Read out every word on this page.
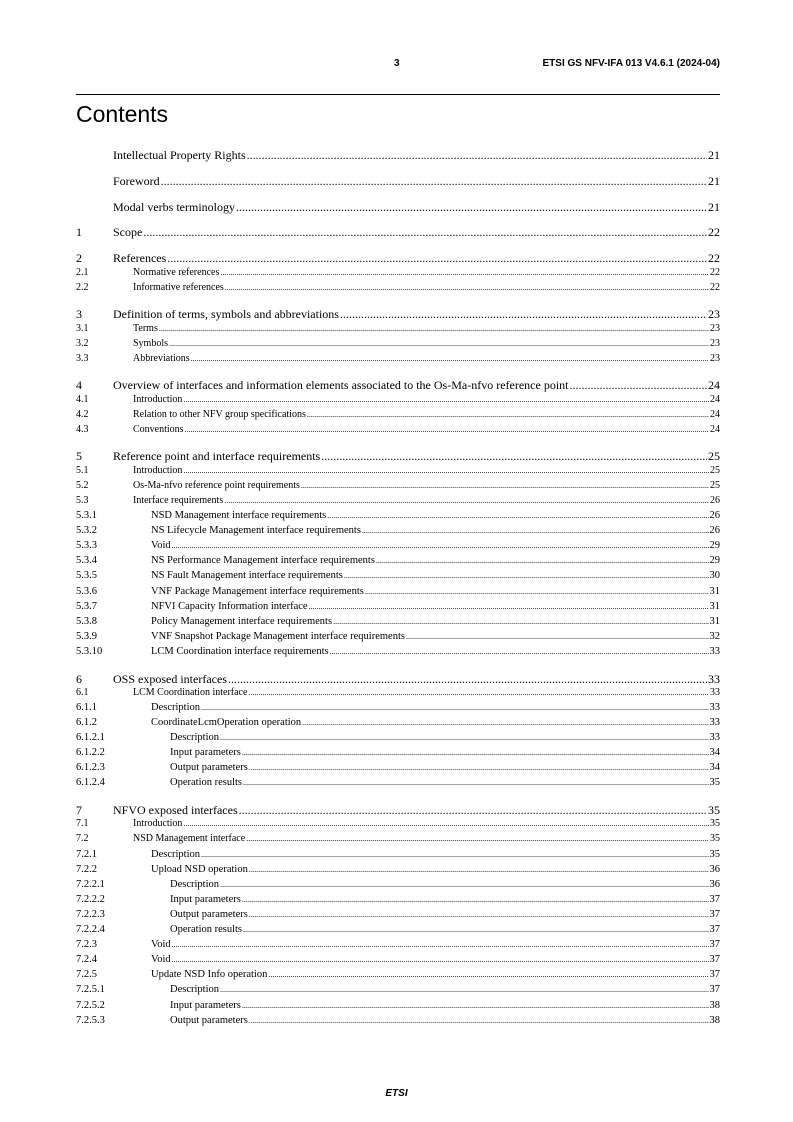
3	ETSI GS NFV-IFA 013 V4.6.1 (2024-04)
Contents
Intellectual Property Rights .....	21
Foreword .....	21
Modal verbs terminology .....	21
1	Scope .....	22
2	References .....	22
2.1	Normative references .....	22
2.2	Informative references .....	22
3	Definition of terms, symbols and abbreviations .....	23
3.1	Terms .....	23
3.2	Symbols .....	23
3.3	Abbreviations .....	23
4	Overview of interfaces and information elements associated to the Os-Ma-nfvo reference point .....	24
4.1	Introduction .....	24
4.2	Relation to other NFV group specifications .....	24
4.3	Conventions .....	24
5	Reference point and interface requirements .....	25
5.1	Introduction .....	25
5.2	Os-Ma-nfvo reference point requirements .....	25
5.3	Interface requirements .....	26
5.3.1	NSD Management interface requirements .....	26
5.3.2	NS Lifecycle Management interface requirements .....	26
5.3.3	Void .....	29
5.3.4	NS Performance Management interface requirements .....	29
5.3.5	NS Fault Management interface requirements .....	30
5.3.6	VNF Package Management interface requirements .....	31
5.3.7	NFVI Capacity Information interface .....	31
5.3.8	Policy Management interface requirements .....	31
5.3.9	VNF Snapshot Package Management interface requirements .....	32
5.3.10	LCM Coordination interface requirements .....	33
6	OSS exposed interfaces .....	33
6.1	LCM Coordination interface .....	33
6.1.1	Description .....	33
6.1.2	CoordinateLcmOperation operation .....	33
6.1.2.1	Description .....	33
6.1.2.2	Input parameters .....	34
6.1.2.3	Output parameters .....	34
6.1.2.4	Operation results .....	35
7	NFVO exposed interfaces .....	35
7.1	Introduction .....	35
7.2	NSD Management interface .....	35
7.2.1	Description .....	35
7.2.2	Upload NSD operation .....	36
7.2.2.1	Description .....	36
7.2.2.2	Input parameters .....	37
7.2.2.3	Output parameters .....	37
7.2.2.4	Operation results .....	37
7.2.3	Void .....	37
7.2.4	Void .....	37
7.2.5	Update NSD Info operation .....	37
7.2.5.1	Description .....	37
7.2.5.2	Input parameters .....	38
7.2.5.3	Output parameters .....	38
ETSI
